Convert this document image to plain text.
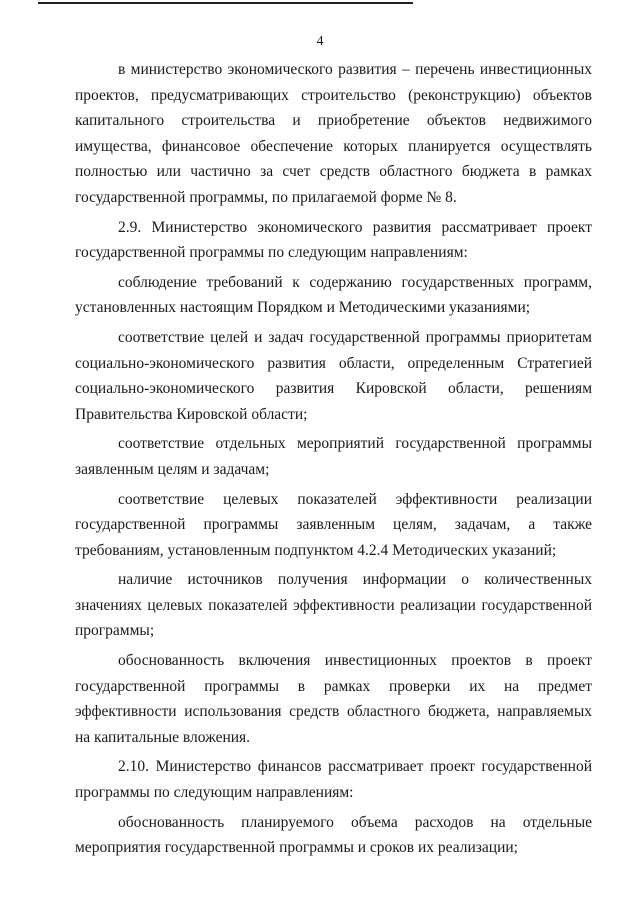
4

в министерство экономического развития – перечень инвестиционных проектов, предусматривающих строительство (реконструкцию) объектов капитального строительства и приобретение объектов недвижимого имущества, финансовое обеспечение которых планируется осуществлять полностью или частично за счет средств областного бюджета в рамках государственной программы, по прилагаемой форме № 8.

2.9. Министерство экономического развития рассматривает проект государственной программы по следующим направлениям:

соблюдение требований к содержанию государственных программ, установленных настоящим Порядком и Методическими указаниями;

соответствие целей и задач государственной программы приоритетам социально-экономического развития области, определенным Стратегией социально-экономического развития Кировской области, решениям Правительства Кировской области;

соответствие отдельных мероприятий государственной программы заявленным целям и задачам;

соответствие целевых показателей эффективности реализации государственной программы заявленным целям, задачам, а также требованиям, установленным подпунктом 4.2.4 Методических указаний;

наличие источников получения информации о количественных значениях целевых показателей эффективности реализации государственной программы;

обоснованность включения инвестиционных проектов в проект государственной программы в рамках проверки их на предмет эффективности использования средств областного бюджета, направляемых на капитальные вложения.

2.10. Министерство финансов рассматривает проект государственной программы по следующим направлениям:

обоснованность планируемого объема расходов на отдельные мероприятия государственной программы и сроков их реализации;
